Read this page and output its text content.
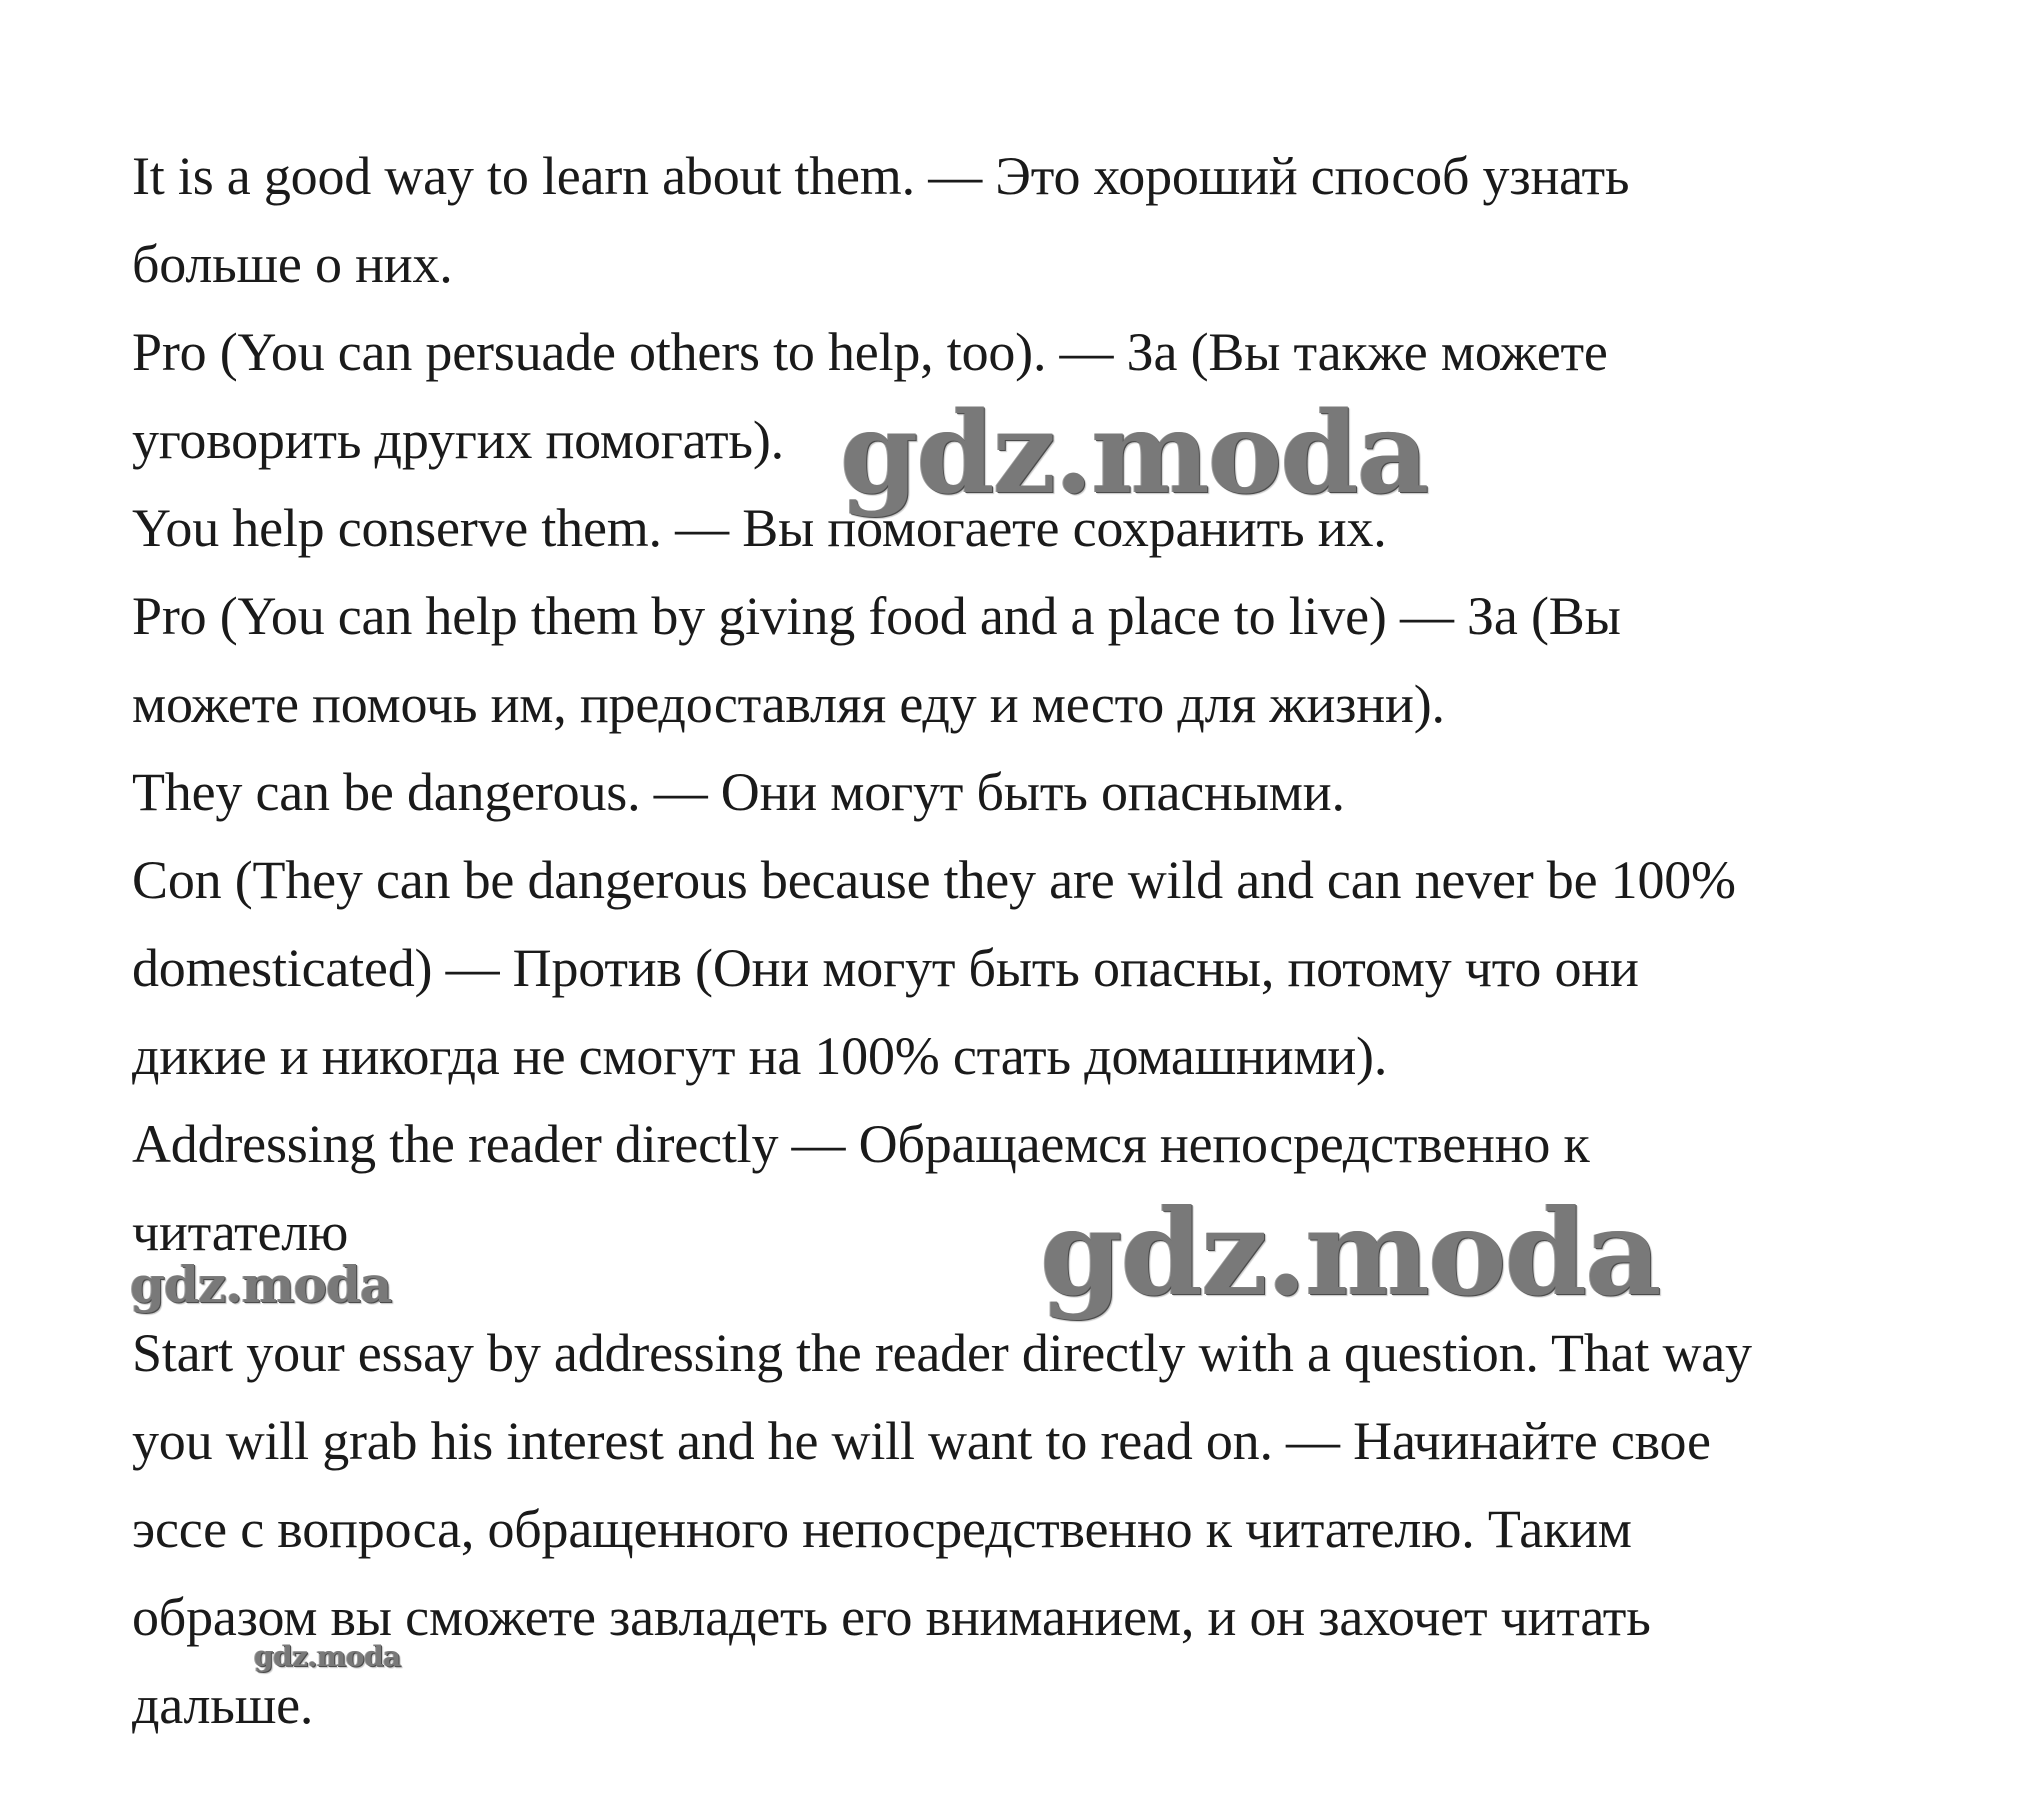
It is a good way to learn about them. — Это хороший способ узнать
больше о них.
Pro (You can persuade others to help, too). — За (Вы также можете
уговорить других помогать).
You help conserve them. — Вы помогаете сохранить их.
Pro (You can help them by giving food and a place to live) — За (Вы
можете помочь им, предоставляя еду и место для жизни).
They can be dangerous. — Они могут быть опасными.
Con (They can be dangerous because they are wild and can never be 100%
domesticated) — Против (Они могут быть опасны, потому что они
дикие и никогда не смогут на 100% стать домашними).
Addressing the reader directly — Обращаемся непосредственно к
читателю
Start your essay by addressing the reader directly with a question. That way
you will grab his interest and he will want to read on. — Начинайте свое
эссе с вопроса, обращенного непосредственно к читателю. Таким
образом вы сможете завладеть его вниманием, и он захочет читать
дальше.
gdz.moda
gdz.moda
gdz.moda
gdz.moda
